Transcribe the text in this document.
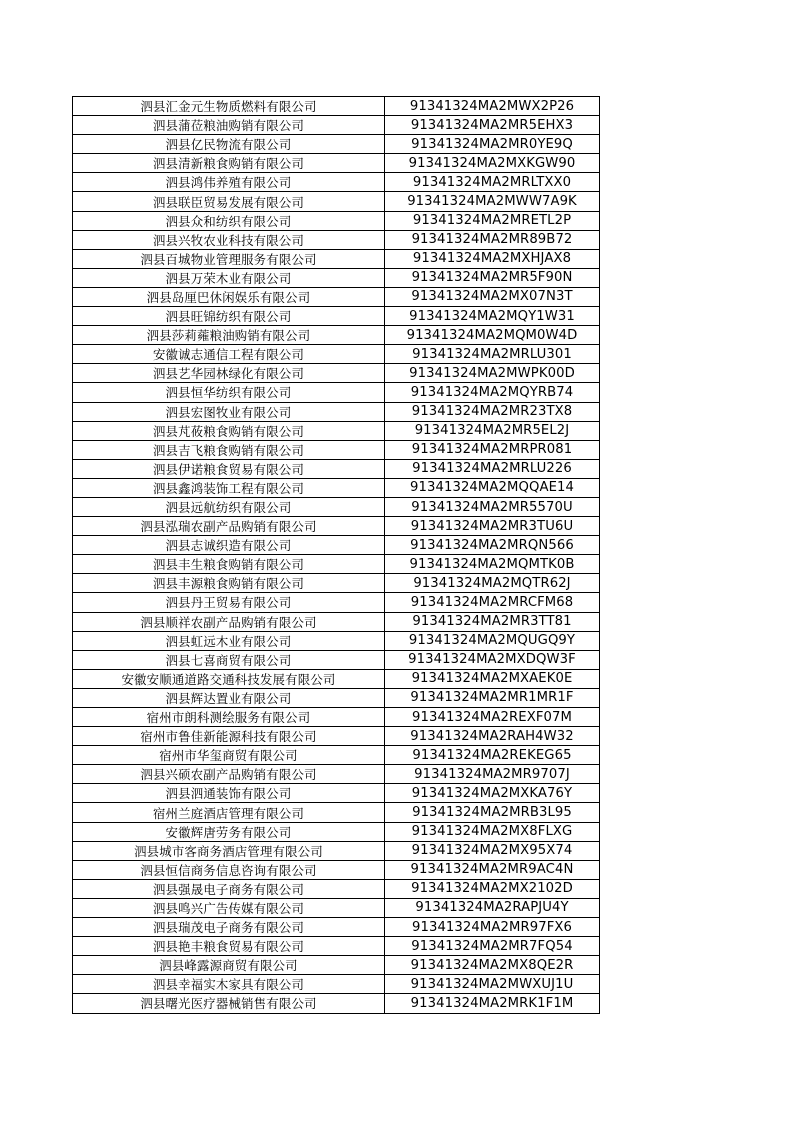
泗县汇金元生物质燃料有限公司	91341324MA2MWX2P26
泗县蒲莅粮油购销有限公司	91341324MA2MR5EHX3
泗县亿民物流有限公司	91341324MA2MR0YE9Q
泗县清新粮食购销有限公司	91341324MA2MXKGW90
泗县鸿伟养殖有限公司	91341324MA2MRLTXX0
泗县联臣贸易发展有限公司	91341324MA2MWW7A9K
泗县众和纺织有限公司	91341324MA2MRETL2P
泗县兴牧农业科技有限公司	91341324MA2MR89B72
泗县百城物业管理服务有限公司	91341324MA2MXHJAX8
泗县万荣木业有限公司	91341324MA2MR5F90N
泗县岛厘巴休闲娱乐有限公司	91341324MA2MX07N3T
泗县旺锦纺织有限公司	91341324MA2MQY1W31
泗县莎莉蕹粮油购销有限公司	91341324MA2MQM0W4D
安徽诚志通信工程有限公司	91341324MA2MRLU301
泗县艺华园林绿化有限公司	91341324MA2MWPK00D
泗县恒华纺织有限公司	91341324MA2MQYRB74
泗县宏图牧业有限公司	91341324MA2MR23TX8
泗县芃莜粮食购销有限公司	91341324MA2MR5EL2J
泗县吉飞粮食购销有限公司	91341324MA2MRPR081
泗县伊诺粮食贸易有限公司	91341324MA2MRLU226
泗县鑫鸿装饰工程有限公司	91341324MA2MQQAE14
泗县远航纺织有限公司	91341324MA2MR5570U
泗县泓瑞农副产品购销有限公司	91341324MA2MR3TU6U
泗县志诚织造有限公司	91341324MA2MRQN566
泗县丰生粮食购销有限公司	91341324MA2MQMTK0B
泗县丰源粮食购销有限公司	91341324MA2MQTR62J
泗县丹王贸易有限公司	91341324MA2MRCFM68
泗县顺祥农副产品购销有限公司	91341324MA2MR3TT81
泗县虹远木业有限公司	91341324MA2MQUGQ9Y
泗县七喜商贸有限公司	91341324MA2MXDQW3F
安徽安顺通道路交通科技发展有限公司	91341324MA2MXAEK0E
泗县辉达置业有限公司	91341324MA2MR1MR1F
宿州市朗科测绘服务有限公司	91341324MA2REXF07M
宿州市鲁佳新能源科技有限公司	91341324MA2RAH4W32
宿州市华玺商贸有限公司	91341324MA2REKEG65
泗县兴硕农副产品购销有限公司	91341324MA2MR9707J
泗县泗通装饰有限公司	91341324MA2MXKA76Y
宿州兰庭酒店管理有限公司	91341324MA2MRB3L95
安徽辉唐劳务有限公司	91341324MA2MX8FLXG
泗县城市客商务酒店管理有限公司	91341324MA2MX95X74
泗县恒信商务信息咨询有限公司	91341324MA2MR9AC4N
泗县强晟电子商务有限公司	91341324MA2MX2102D
泗县鸣兴广告传媒有限公司	91341324MA2RAPJU4Y
泗县瑞茂电子商务有限公司	91341324MA2MR97FX6
泗县艳丰粮食贸易有限公司	91341324MA2MR7FQ54
泗县峰露源商贸有限公司	91341324MA2MX8QE2R
泗县幸福实木家具有限公司	91341324MA2MWXUJ1U
泗县曙光医疗器械销售有限公司	91341324MA2MRK1F1M
